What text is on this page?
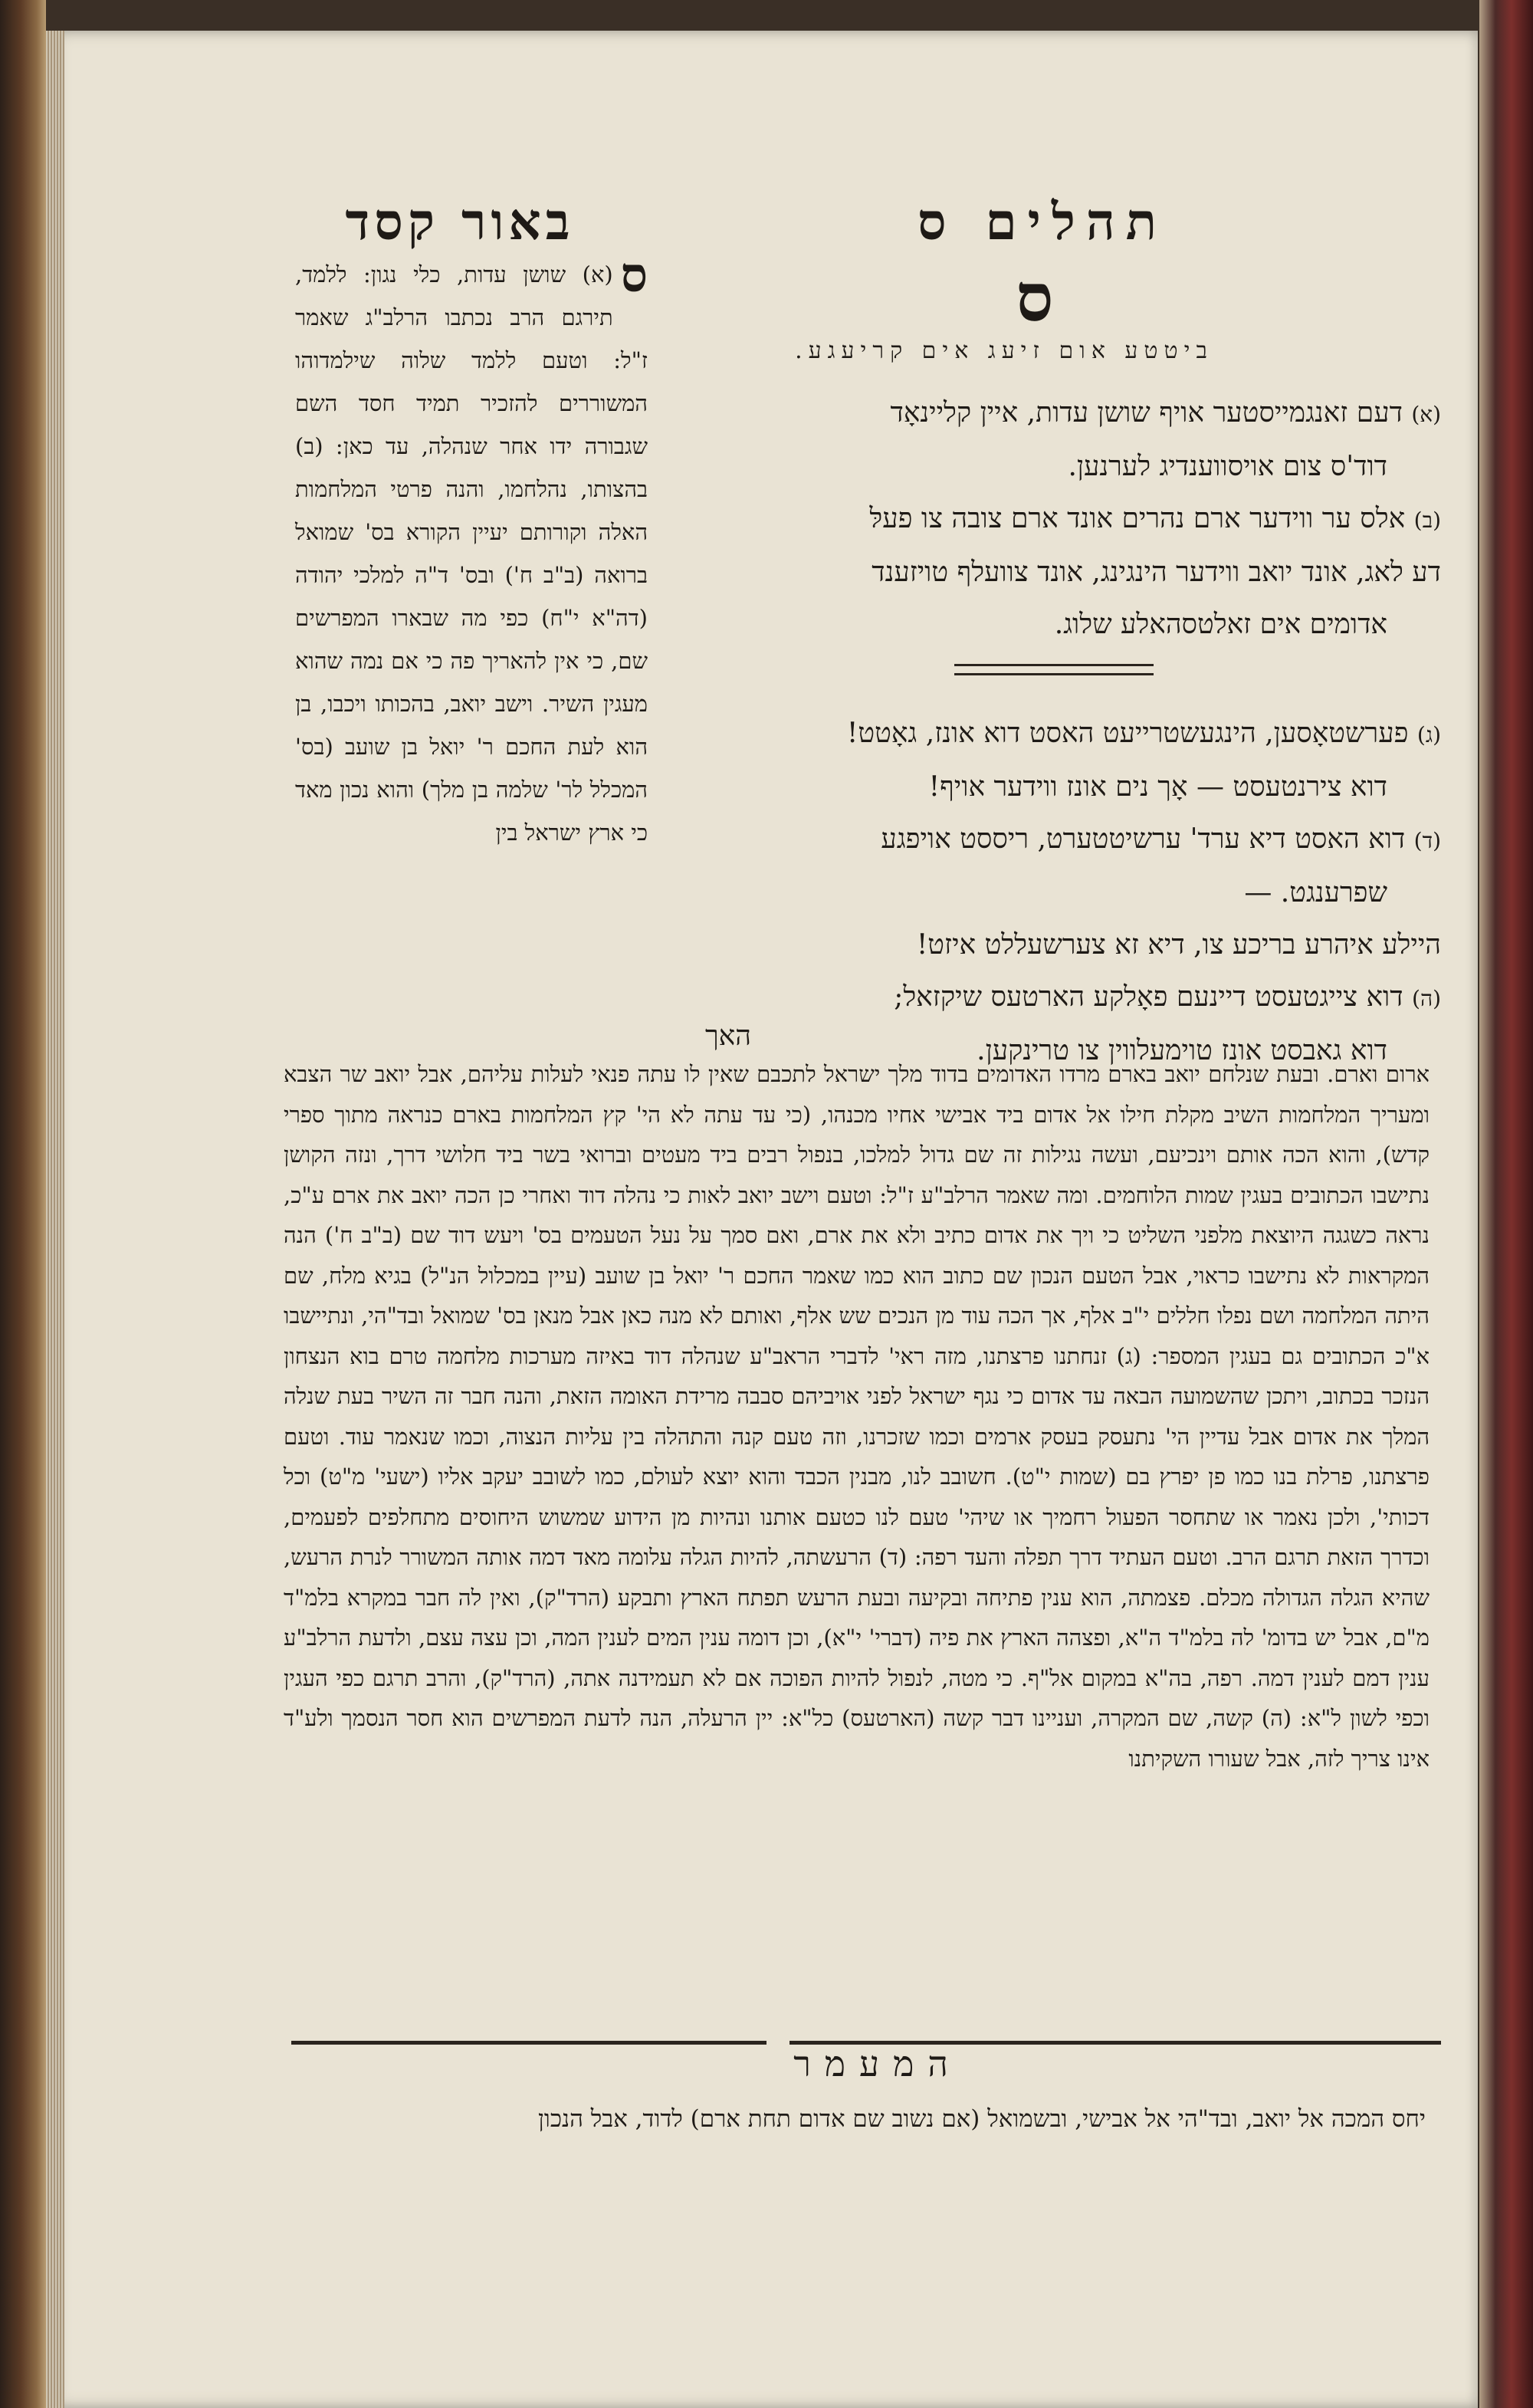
תהלים ס
באור קסד
ס
ביטטע אום זיעג אים קריעגע.
ס
(א) שושן עדות, כלי נגון: ללמד, תירגם הרב נכתבו הרלב"ג שאמר ז"ל: וטעם ללמד שלוה שילמדוהו המשוררים להזכיר תמיד חסד השם שגבורה ידו אחר שנהלה, עד כאן: (ב) בהצותו, נהלחמו, והנה פרטי המלחמות האלה וקורותם יעיין הקורא בס' שמואל ברואה (ב"ב ח') ובס' ד"ה למלכי יהודה (דה"א י"ח) כפי מה שבארו המפרשים שם, כי אין להאריך פה כי אם נמה שהוא מעגין השיר. וישב יואב, בהכותו ויכבו, בן הוא לעת החכם ר' יואל בן שועב (בס' המכלל לר' שלמה בן מלך) והוא נכון מאד כי ארץ ישראל בין
(א) דעם זאנגמייסטער אויף שושן עדות, איין קליינאָד
דוד'ס צום אויסווענדיג לערנען.
(ב) אלס ער ווידער ארם נהרים אונד ארם צובה צו פעלּ
דע לאג, אונד יואב ווידער הינגינג, אונד צוועלף טויזענד
אדומים אים זאלטסהאלע שלוג.
(ג) פערשטאָסען, הינגעשטרייעט האסט דוא אונז, גאָטט!
דוא צירנטעסט — אָך נים אונז ווידער אויף!
(ד) דוא האסט דיא ערד' ערשיטטערט, ריססט אויפגע
שפרענגט. —
היילע איהרע בריכע צו, דיא זא צערשעללט איזט!
(ה) דוא צייגטעסט דיינעם פאָלקע הארטעס שיקזאל;
דוא גאבסט אונז טוימעלווין צו טרינקען.
האך

ארום וארם. ובעת שנלחם יואב בארם מרדו האדומים בדוד מלך ישראל לתכבם שאין לו עתה פנאי לעלות עליהם, אבל יואב שר הצבא ומעריך המלחמות השיב מקלת חילו אל אדום ביד אבישי אחיו מכנהו, (כי עד עתה לא הי' קץ המלחמות בארם כנראה מתוך ספרי קדש), והוא הכה אותם וינכיעם, ועשה נגילות זה שם גדול למלכו, בנפול רבים ביד מעטים וברואי בשר ביד חלושי דרך, ונזה הקושן נתישבו הכתובים בעגין שמות הלוחמים. ומה שאמר הרלב"ע ז"ל: וטעם וישב יואב לאות כי נהלה דוד ואחרי כן הכה יואב את ארם ע"כ, נראה כשגגה היוצאת מלפני השליט כי ויך את אדום כתיב ולא את ארם, ואם סמך על נעל הטעמים בס' ויעש דוד שם (ב"ב ח') הנה המקראות לא נתישבו כראוי, אבל הטעם הנכון שם כתוב הוא כמו שאמר החכם ר' יואל בן שועב (עיין במכלול הנ"ל) בגיא מלח, שם היתה המלחמה ושם נפלו חללים י"ב אלף, אך הכה עוד מן הנכים שש אלף, ואותם לא מנה כאן אבל מנאן בס' שמואל ובד"הי, ונתיישבו א"כ הכתובים גם בעגין המספר: (ג) זנחתנו פרצתנו, מזה ראי' לדברי הראב"ע שנהלה דוד באיזה מערכות מלחמה טרם בוא הנצחון הנזכר בכתוב, ויתכן שהשמועה הבאה עד אדום כי נגף ישראל לפני אויביהם סבבה מרידת האומה הזאת, והנה חבר זה השיר בעת שנלה המלך את אדום אבל עדיין הי' נתעסק בעסק ארמים וכמו שזכרנו, וזה טעם קנה והתהלה בין עליות הנצוה, וכמו שנאמר עוד. וטעם פרצתנו, פרלת בנו כמו פן יפרץ בם (שמות י"ט). חשובב לנו, מבנין הכבד והוא יוצא לעולם, כמו לשובב יעקב אליו (ישעי' מ"ט) וכל דכותי', ולכן נאמר או שתחסר הפעול רחמיך או שיהי' טעם לנו כטעם אותנו ונהיות מן הידוע שמשוש היחוסים מתחלפים לפעמים, וכדרך הזאת תרגם הרב. וטעם העתיד דרך תפלה והעד רפה: (ד) הרעשתה, להיות הגלה עלומה מאד דמה אותה המשורר לנרת הרעש, שהיא הגלה הגדולה מכלם. פצמתה, הוא ענין פתיחה ובקיעה ובעת הרעש תפתח הארץ ותבקע (הרד"ק), ואין לה חבר במקרא בלמ"ד מ"ם, אבל יש בדומ' לה בלמ"ד ה"א, ופצהה הארץ את פיה (דברי' י"א), וכן דומה ענין המים לענין המה, וכן עצה עצם, ולדעת הרלב"ע ענין דמם לענין דמה. רפה, בה"א במקום אל"ף. כי מטה, לנפול להיות הפוכה אם לא תעמידנה אתה, (הרד"ק), והרב תרגם כפי העגין וכפי לשון ל"א: (ה) קשה, שם המקרה, ועניינו דבר קשה (הארטעס) כל"א: יין הרעלה, הנה לדעת המפרשים הוא חסר הנסמך ולע"ד אינו צריך לזה, אבל שעורו השקיתנו

המעמר
יחס המכה אל יואב, ובד"הי אל אבישי, ובשמואל (אם נשוב שם אדום תחת ארם) לדוד, אבל הנכון
